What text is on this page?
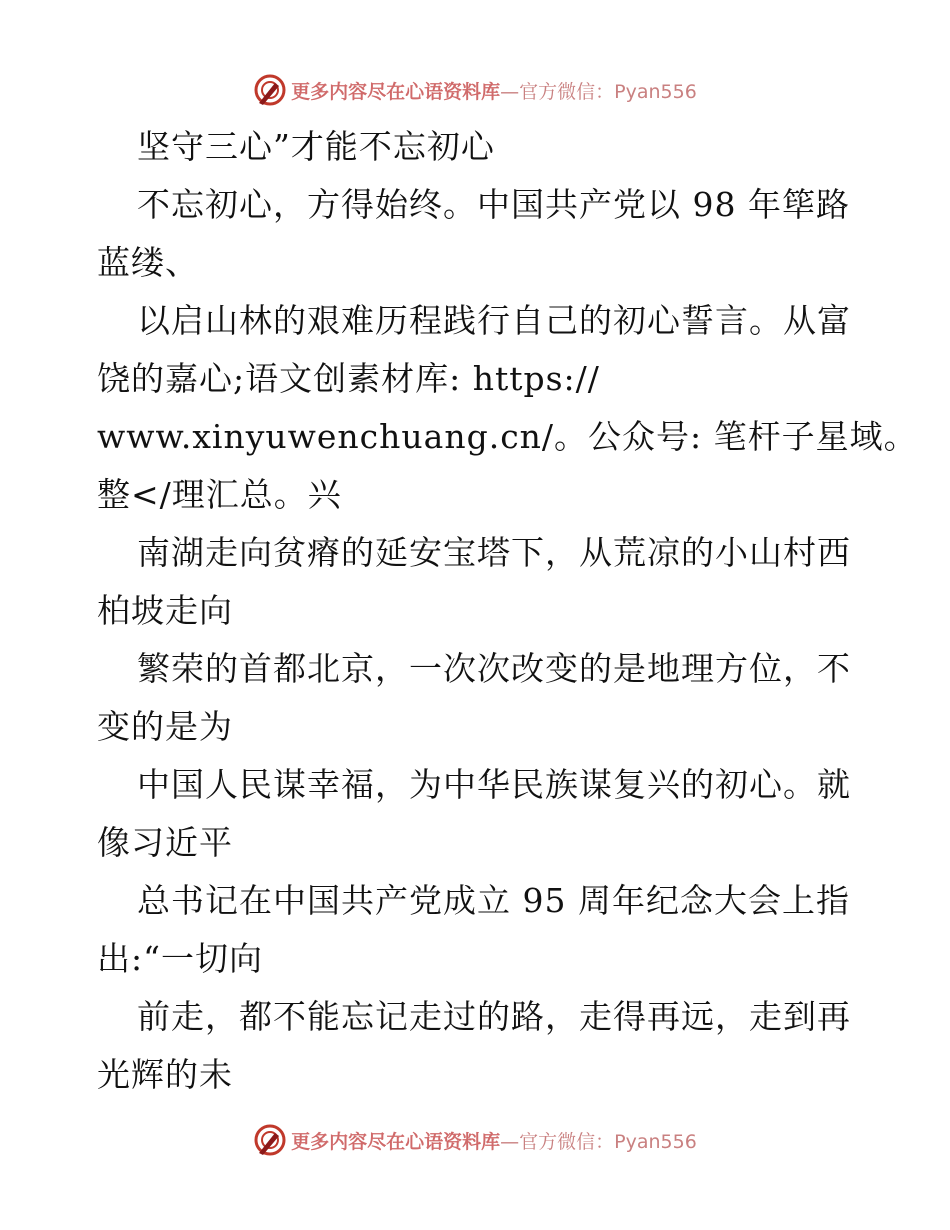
更多内容尽在心语资料库 —官方微信：Pyan556
坚守三心”才能不忘初心
不忘初心，方得始终。中国共产党以 98 年筚路
蓝缕、
以启山林的艰难历程践行自己的初心誓言。从富
饶的嘉心;语文创素材库: https://
www.xinyuwenchuang.cn/。公众号: 笔杆子星域。
整</理汇总。兴
南湖走向贫瘠的延安宝塔下，从荒凉的小山村西
柏坡走向
繁荣的首都北京，一次次改变的是地理方位，不
变的是为
中国人民谋幸福，为中华民族谋复兴的初心。就
像习近平
总书记在中国共产党成立 95 周年纪念大会上指
出:“一切向
前走，都不能忘记走过的路，走得再远，走到再
光辉的未
更多内容尽在心语资料库 —官方微信：Pyan556
